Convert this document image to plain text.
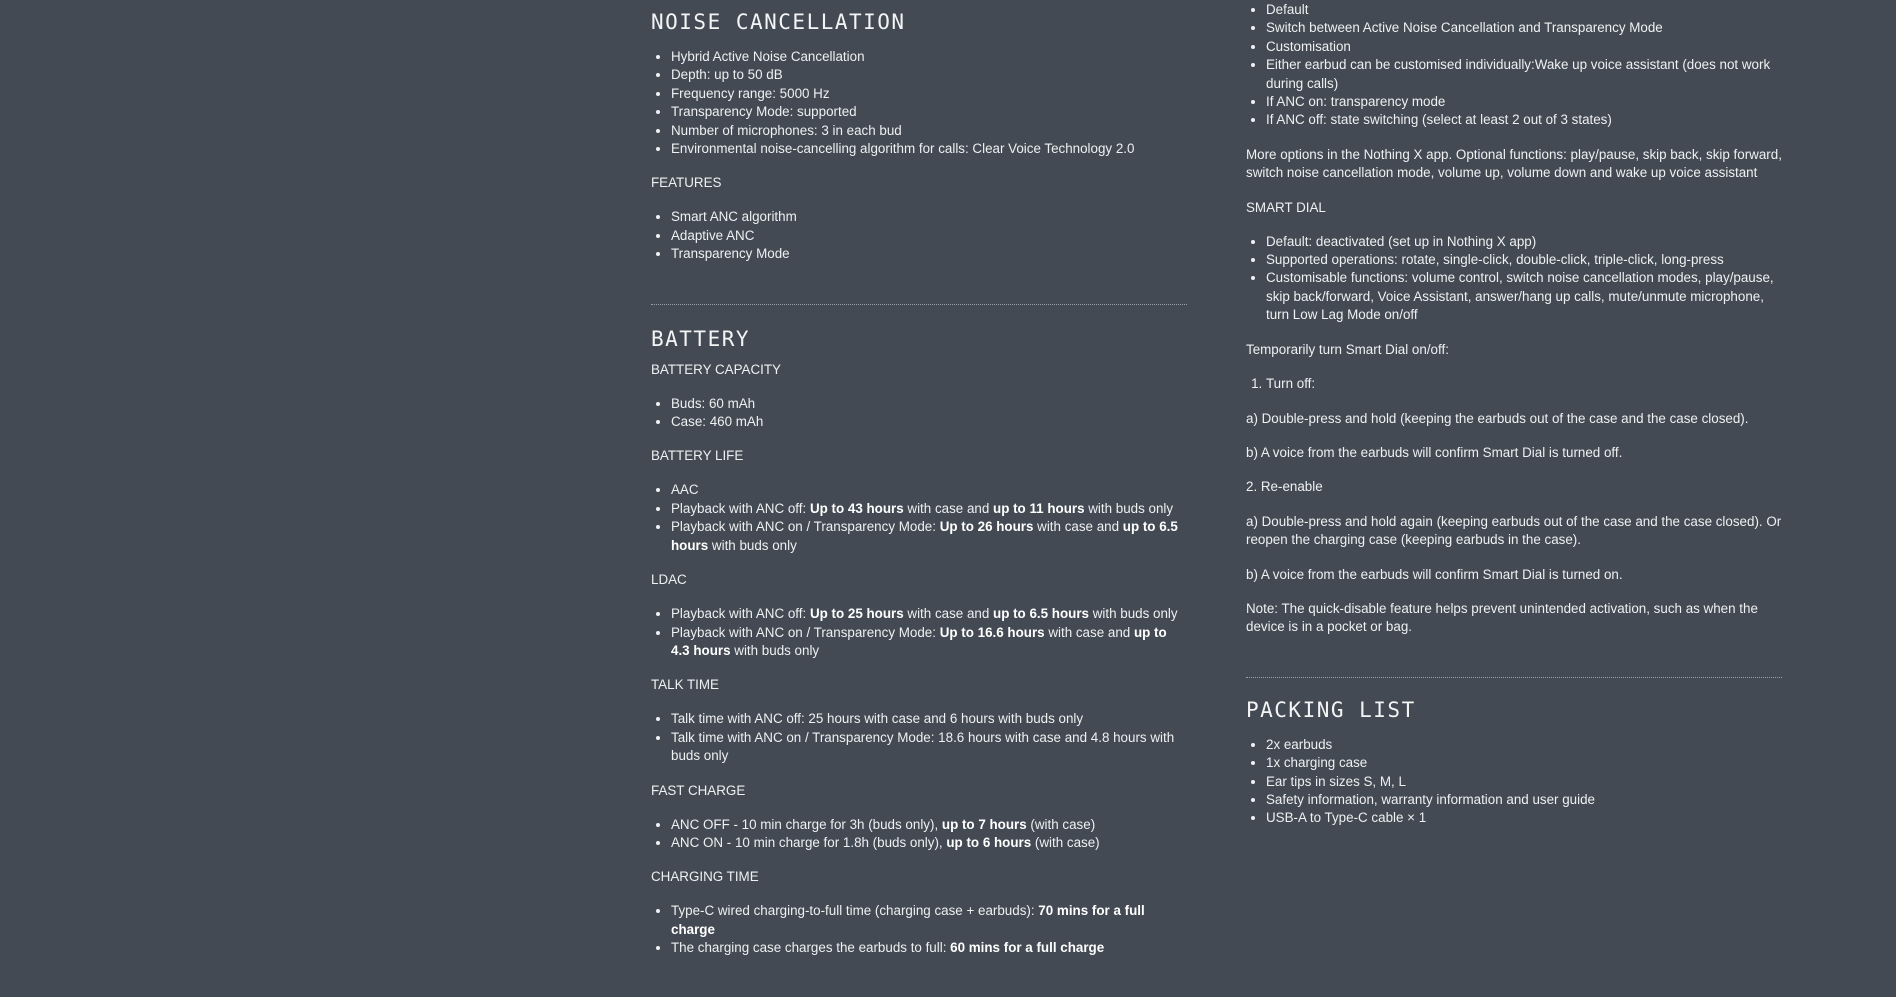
NOISE CANCELLATION
• Hybrid Active Noise Cancellation
• Depth: up to 50 dB
• Frequency range: 5000 Hz
• Transparency Mode: supported
• Number of microphones: 3 in each bud
• Environmental noise-cancelling algorithm for calls: Clear Voice Technology 2.0

FEATURES

• Smart ANC algorithm
• Adaptive ANC
• Transparency Mode
BATTERY

BATTERY CAPACITY

• Buds: 60 mAh
• Case: 460 mAh

BATTERY LIFE

• AAC
• Playback with ANC off: Up to 43 hours with case and up to 11 hours with buds only
• Playback with ANC on / Transparency Mode: Up to 26 hours with case and up to 6.5 hours with buds only

LDAC

• Playback with ANC off: Up to 25 hours with case and up to 6.5 hours with buds only
• Playback with ANC on / Transparency Mode: Up to 16.6 hours with case and up to 4.3 hours with buds only

TALK TIME

• Talk time with ANC off: 25 hours with case and 6 hours with buds only
• Talk time with ANC on / Transparency Mode: 18.6 hours with case and 4.8 hours with buds only

FAST CHARGE

• ANC OFF - 10 min charge for 3h (buds only), up to 7 hours (with case)
• ANC ON - 10 min charge for 1.8h (buds only), up to 6 hours (with case)

CHARGING TIME

• Type-C wired charging-to-full time (charging case + earbuds): 70 mins for a full charge
• The charging case charges the earbuds to full: 60 mins for a full charge
• Default
• Switch between Active Noise Cancellation and Transparency Mode
• Customisation
• Either earbud can be customised individually:Wake up voice assistant (does not work during calls)
• If ANC on: transparency mode
• If ANC off: state switching (select at least 2 out of 3 states)

More options in the Nothing X app. Optional functions: play/pause, skip back, skip forward, switch noise cancellation mode, volume up, volume down and wake up voice assistant

SMART DIAL

• Default: deactivated (set up in Nothing X app)
• Supported operations: rotate, single-click, double-click, triple-click, long-press
• Customisable functions: volume control, switch noise cancellation modes, play/pause, skip back/forward, Voice Assistant, answer/hang up calls, mute/unmute microphone, turn Low Lag Mode on/off

Temporarily turn Smart Dial on/off:

1. Turn off:

a) Double-press and hold (keeping the earbuds out of the case and the case closed).

b) A voice from the earbuds will confirm Smart Dial is turned off.

2. Re-enable

a) Double-press and hold again (keeping earbuds out of the case and the case closed). Or reopen the charging case (keeping earbuds in the case).

b) A voice from the earbuds will confirm Smart Dial is turned on.

Note: The quick-disable feature helps prevent unintended activation, such as when the device is in a pocket or bag.

PACKING LIST
• 2x earbuds
• 1x charging case
• Ear tips in sizes S, M, L
• Safety information, warranty information and user guide
• USB-A to Type-C cable × 1
